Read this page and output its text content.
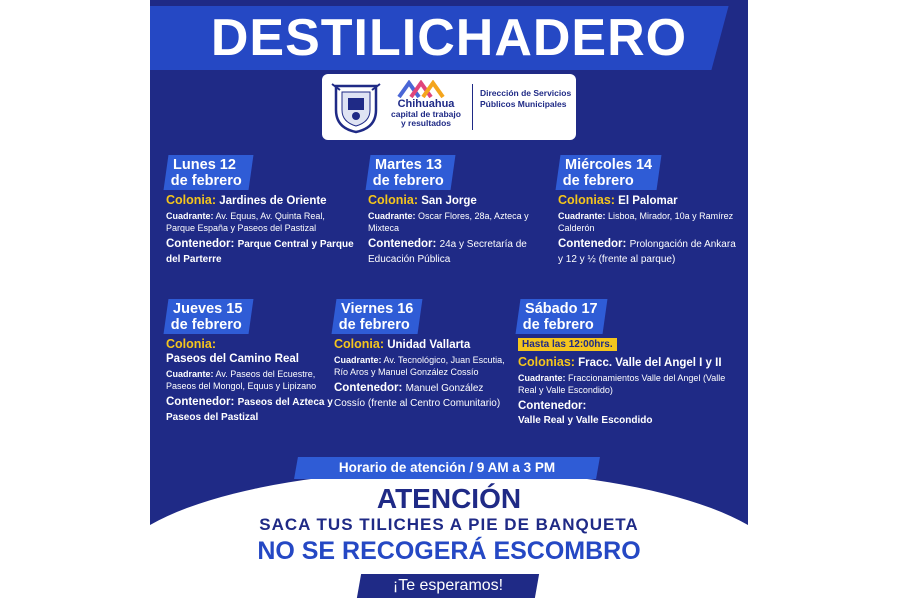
DESTILICHADERO
Chihuahua
capital de trabajo
y resultados
Dirección de Servicios Públicos Municipales
Lunes 12
de febrero
Colonia: Jardines de Oriente
Cuadrante: Av. Equus, Av. Quinta Real, Parque España y Paseos del Pastizal
Contenedor: Parque Central y Parque del Parterre
Martes 13
de febrero
Colonia: San Jorge
Cuadrante: Oscar Flores, 28a, Azteca y Mixteca
Contenedor: 24a y Secretaría de Educación Pública
Miércoles 14
de febrero
Colonias: El Palomar
Cuadrante: Lisboa, Mirador, 10a y Ramírez Calderón
Contenedor: Prolongación de Ankara y 12 y ½ (frente al parque)
Jueves 15
de febrero
Colonia:
Paseos del Camino Real
Cuadrante: Av. Paseos del Ecuestre, Paseos del Mongol, Equus y Lipizano
Contenedor: Paseos del Azteca y Paseos del Pastizal
Viernes 16
de febrero
Colonia: Unidad Vallarta
Cuadrante: Av. Tecnológico, Juan Escutia, Río Aros y Manuel González Cossío
Contenedor: Manuel González Cossío (frente al Centro Comunitario)
Sábado 17
de febrero

Hasta las 12:00hrs.
Colonias: Fracc. Valle del Angel I y II
Cuadrante: Fraccionamientos Valle del Angel (Valle Real y Valle Escondido)
Contenedor:
Valle Real y Valle Escondido
Horario de atención / 9 AM a 3 PM
ATENCIÓN
SACA TUS TILICHES A PIE DE BANQUETA
NO SE RECOGERÁ ESCOMBRO
¡Te esperamos!
